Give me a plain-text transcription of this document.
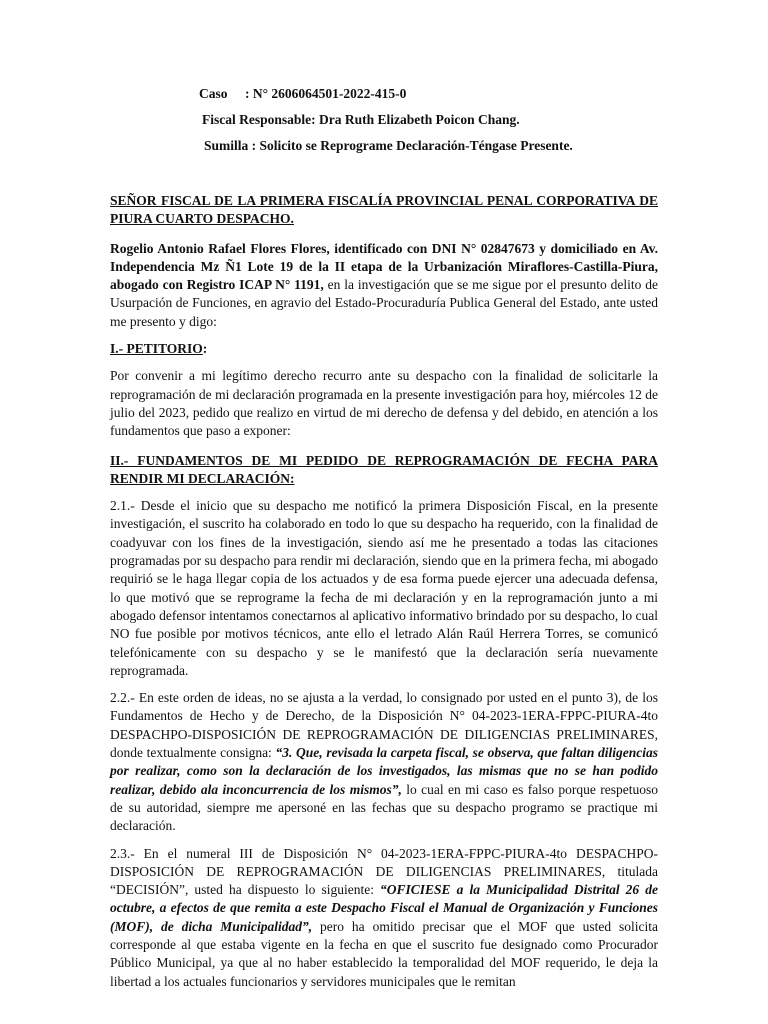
Caso : N° 2606064501-2022-415-0
Fiscal Responsable: Dra Ruth Elizabeth Poicon Chang.
Sumilla : Solicito se Reprograme Declaración-Téngase Presente.

SEÑOR FISCAL DE LA PRIMERA FISCALÍA PROVINCIAL PENAL CORPORATIVA DE PIURA CUARTO DESPACHO.

Rogelio Antonio Rafael Flores Flores, identificado con DNI N° 02847673 y domiciliado en Av. Independencia Mz Ñ1 Lote 19 de la II etapa de la Urbanización Miraflores-Castilla-Piura, abogado con Registro ICAP N° 1191, en la investigación que se me sigue por el presunto delito de Usurpación de Funciones, en agravio del Estado-Procuraduría Publica General del Estado, ante usted me presento y digo:

I.- PETITORIO:

Por convenir a mi legítimo derecho recurro ante su despacho con la finalidad de solicitarle la reprogramación de mi declaración programada en la presente investigación para hoy, miércoles 12 de julio del 2023, pedido que realizo en virtud de mi derecho de defensa y del debido, en atención a los fundamentos que paso a exponer:

II.- FUNDAMENTOS DE MI PEDIDO DE REPROGRAMACIÓN DE FECHA PARA RENDIR MI DECLARACIÓN:

2.1.- Desde el inicio que su despacho me notificó la primera Disposición Fiscal, en la presente investigación, el suscrito ha colaborado en todo lo que su despacho ha requerido, con la finalidad de coadyuvar con los fines de la investigación, siendo así me he presentado a todas las citaciones programadas por su despacho para rendir mi declaración, siendo que en la primera fecha, mi abogado requirió se le haga llegar copia de los actuados y de esa forma puede ejercer una adecuada defensa, lo que motivó que se reprograme la fecha de mi declaración y en la reprogramación junto a mi abogado defensor intentamos conectarnos al aplicativo informativo brindado por su despacho, lo cual NO fue posible por motivos técnicos, ante ello el letrado Alán Raúl Herrera Torres, se comunicó telefónicamente con su despacho y se le manifestó que la declaración sería nuevamente reprogramada.

2.2.- En este orden de ideas, no se ajusta a la verdad, lo consignado por usted en el punto 3), de los Fundamentos de Hecho y de Derecho, de la Disposición N° 04-2023-1ERA-FPPC-PIURA-4to DESPACHPO-DISPOSICIÓN DE REPROGRAMACIÓN DE DILIGENCIAS PRELIMINARES, donde textualmente consigna: “3. Que, revisada la carpeta fiscal, se observa, que faltan diligencias por realizar, como son la declaración de los investigados, las mismas que no se han podido realizar, debido ala inconcurrencia de los mismos”, lo cual en mi caso es falso porque respetuoso de su autoridad, siempre me apersoné en las fechas que su despacho programo se practique mi declaración.

2.3.- En el numeral III de Disposición N° 04-2023-1ERA-FPPC-PIURA-4to DESPACHPO-DISPOSICIÓN DE REPROGRAMACIÓN DE DILIGENCIAS PRELIMINARES, titulada “DECISIÓN”, usted ha dispuesto lo siguiente: “OFICIESE a la Municipalidad Distrital 26 de octubre, a efectos de que remita a este Despacho Fiscal el Manual de Organización y Funciones (MOF), de dicha Municipalidad”, pero ha omitido precisar que el MOF que usted solicita corresponde al que estaba vigente en la fecha en que el suscrito fue designado como Procurador Público Municipal, ya que al no haber establecido la temporalidad del MOF requerido, le deja la libertad a los actuales funcionarios y servidores municipales que le remitan
